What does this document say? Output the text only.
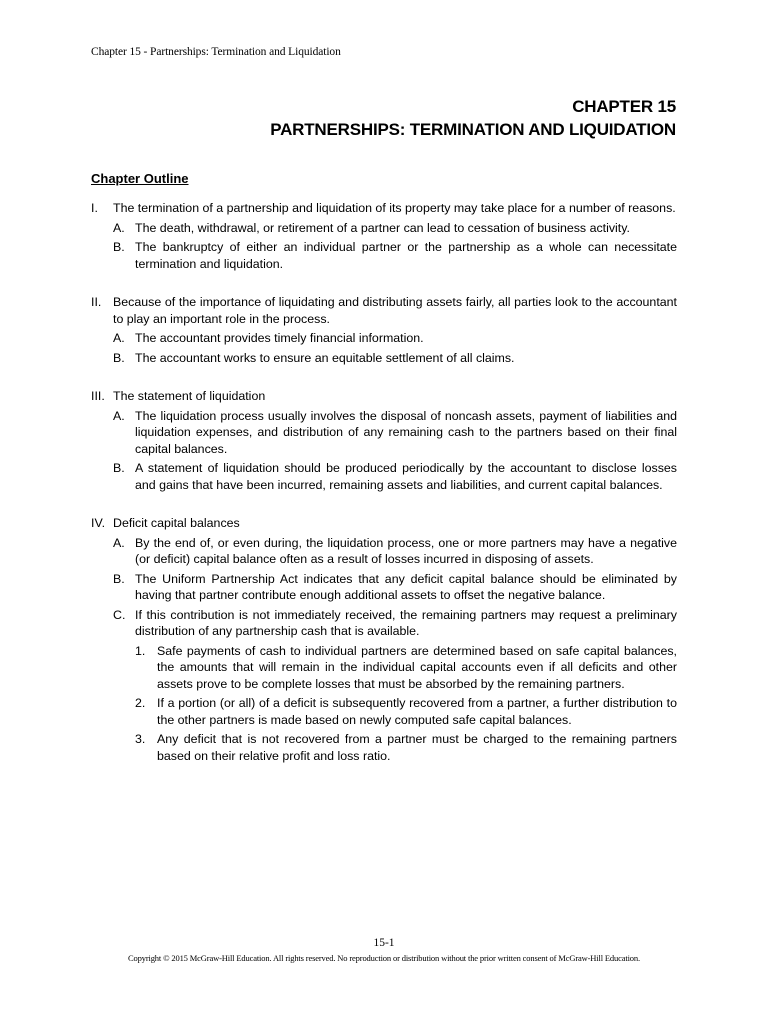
Chapter 15 - Partnerships: Termination and Liquidation
CHAPTER 15
PARTNERSHIPS: TERMINATION AND LIQUIDATION
Chapter Outline
I.	The termination of a partnership and liquidation of its property may take place for a number of reasons.
A. The death, withdrawal, or retirement of a partner can lead to cessation of business activity.
B. The bankruptcy of either an individual partner or the partnership as a whole can necessitate termination and liquidation.
II. Because of the importance of liquidating and distributing assets fairly, all parties look to the accountant to play an important role in the process.
A. The accountant provides timely financial information.
B. The accountant works to ensure an equitable settlement of all claims.
III. The statement of liquidation
A. The liquidation process usually involves the disposal of noncash assets, payment of liabilities and liquidation expenses, and distribution of any remaining cash to the partners based on their final capital balances.
B. A statement of liquidation should be produced periodically by the accountant to disclose losses and gains that have been incurred, remaining assets and liabilities, and current capital balances.
IV. Deficit capital balances
A. By the end of, or even during, the liquidation process, one or more partners may have a negative (or deficit) capital balance often as a result of losses incurred in disposing of assets.
B. The Uniform Partnership Act indicates that any deficit capital balance should be eliminated by having that partner contribute enough additional assets to offset the negative balance.
C. If this contribution is not immediately received, the remaining partners may request a preliminary distribution of any partnership cash that is available.
1. Safe payments of cash to individual partners are determined based on safe capital balances, the amounts that will remain in the individual capital accounts even if all deficits and other assets prove to be complete losses that must be absorbed by the remaining partners.
2. If a portion (or all) of a deficit is subsequently recovered from a partner, a further distribution to the other partners is made based on newly computed safe capital balances.
3. Any deficit that is not recovered from a partner must be charged to the remaining partners based on their relative profit and loss ratio.
15-1
Copyright © 2015 McGraw-Hill Education. All rights reserved. No reproduction or distribution without the prior written consent of McGraw-Hill Education.
